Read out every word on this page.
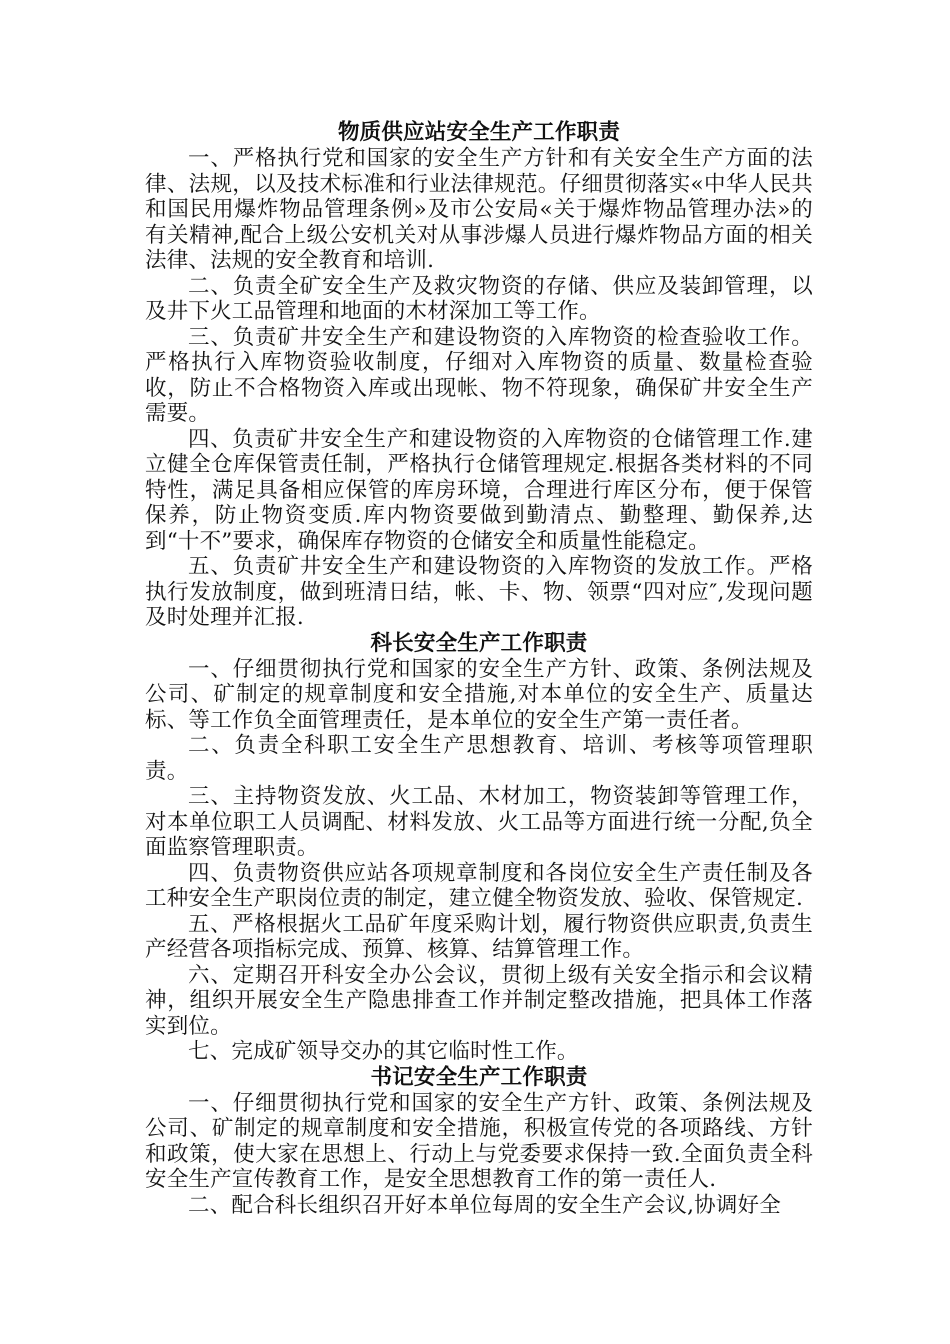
物质供应站安全生产工作职责

一、严格执行党和国家的安全生产方针和有关安全生产方面的法律、法规，以及技术标准和行业法律规范。仔细贯彻落实«中华人民共和国民用爆炸物品管理条例»及市公安局«关于爆炸物品管理办法»的有关精神,配合上级公安机关对从事涉爆人员进行爆炸物品方面的相关法律、法规的安全教育和培训.

二、负责全矿安全生产及救灾物资的存储、供应及装卸管理，以及井下火工品管理和地面的木材深加工等工作。

三、负责矿井安全生产和建设物资的入库物资的检查验收工作。严格执行入库物资验收制度，仔细对入库物资的质量、数量检查验收，防止不合格物资入库或出现帐、物不符现象，确保矿井安全生产需要。

四、负责矿井安全生产和建设物资的入库物资的仓储管理工作.建立健全仓库保管责任制，严格执行仓储管理规定.根据各类材料的不同特性，满足具备相应保管的库房环境，合理进行库区分布，便于保管保养，防止物资变质.库内物资要做到勤清点、勤整理、勤保养,达到“十不”要求，确保库存物资的仓储安全和质量性能稳定。

五、负责矿井安全生产和建设物资的入库物资的发放工作。严格执行发放制度，做到班清日结，帐、卡、物、领票“四对应″,发现问题及时处理并汇报.

科长安全生产工作职责

一、仔细贯彻执行党和国家的安全生产方针、政策、条例法规及公司、矿制定的规章制度和安全措施,对本单位的安全生产、质量达标、等工作负全面管理责任，是本单位的安全生产第一责任者。

二、负责全科职工安全生产思想教育、培训、考核等项管理职责。

三、主持物资发放、火工品、木材加工，物资装卸等管理工作，对本单位职工人员调配、材料发放、火工品等方面进行统一分配,负全面监察管理职责。

四、负责物资供应站各项规章制度和各岗位安全生产责任制及各工种安全生产职岗位责的制定，建立健全物资发放、验收、保管规定.

五、严格根据火工品矿年度采购计划，履行物资供应职责,负责生产经营各项指标完成、预算、核算、结算管理工作。

六、定期召开科安全办公会议，贯彻上级有关安全指示和会议精神，组织开展安全生产隐患排查工作并制定整改措施，把具体工作落实到位。

七、完成矿领导交办的其它临时性工作。

书记安全生产工作职责

一、仔细贯彻执行党和国家的安全生产方针、政策、条例法规及公司、矿制定的规章制度和安全措施，积极宣传党的各项路线、方针和政策，使大家在思想上、行动上与党委要求保持一致.全面负责全科安全生产宣传教育工作，是安全思想教育工作的第一责任人.

二、配合科长组织召开好本单位每周的安全生产会议,协调好全
